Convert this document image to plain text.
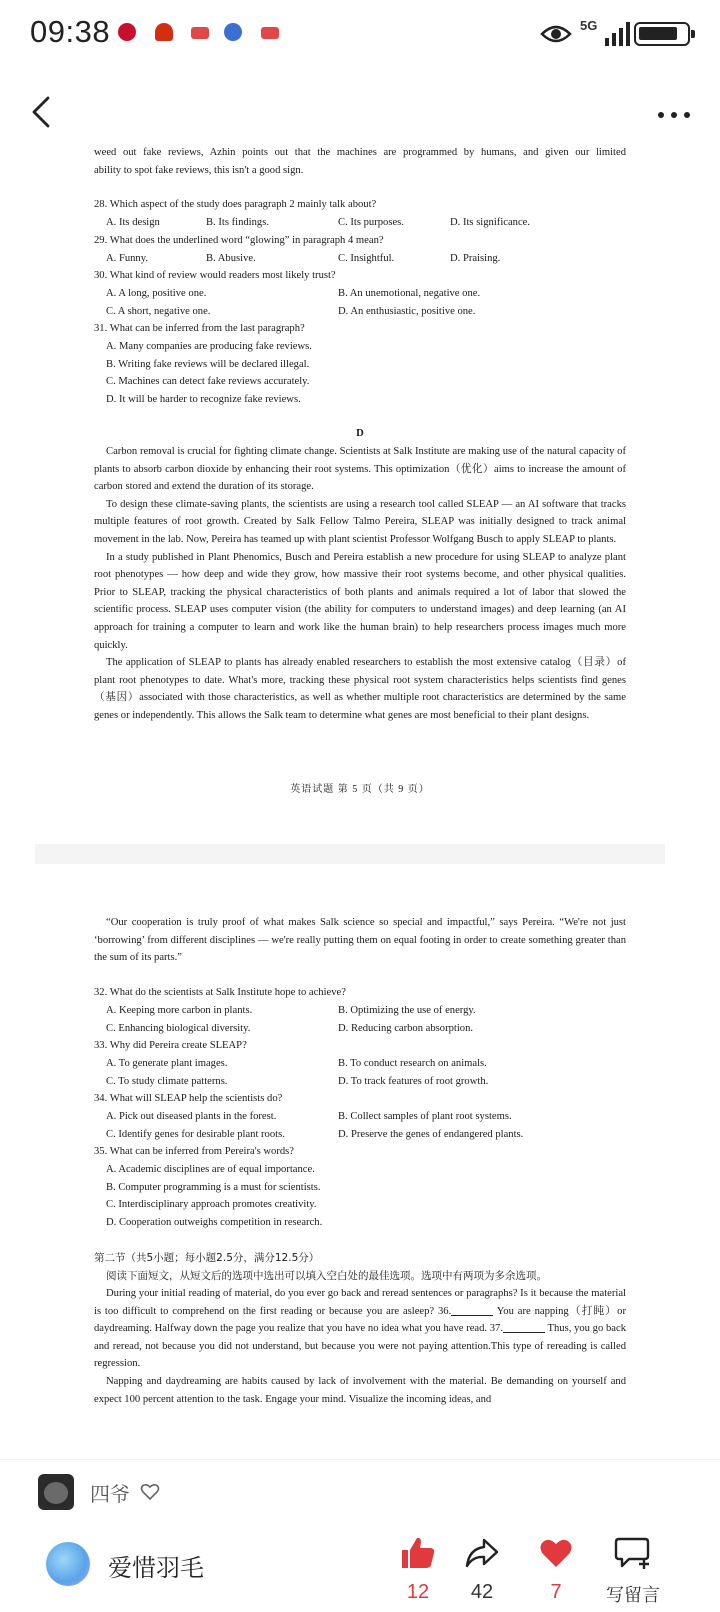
09:38	5G
weed out fake reviews, Azhin points out that the machines are programmed by humans, and given our limited
ability to spot fake reviews, this isn't a good sign.
28. Which aspect of the study does paragraph 2 mainly talk about?
A. Its design	B. Its findings.	C. Its purposes.	D. Its significance.
29. What does the underlined word “glowing” in paragraph 4 mean?
A. Funny.	B. Abusive.	C. Insightful.	D. Praising.
30. What kind of review would readers most likely trust?
A. A long, positive one.	B. An unemotional, negative one.
C. A short, negative one.	D. An enthusiastic, positive one.
31. What can be inferred from the last paragraph?
A. Many companies are producing fake reviews.
B. Writing fake reviews will be declared illegal.
C. Machines can detect fake reviews accurately.
D. It will be harder to recognize fake reviews.
D

Carbon removal is crucial for fighting climate change. Scientists at Salk Institute are making use of the natural capacity of plants to absorb carbon dioxide by enhancing their root systems. This optimization（优化）aims to increase the amount of carbon stored and extend the duration of its storage.

To design these climate-saving plants, the scientists are using a research tool called SLEAP — an AI software that tracks multiple features of root growth. Created by Salk Fellow Talmo Pereira, SLEAP was initially designed to track animal movement in the lab. Now, Pereira has teamed up with plant scientist Professor Wolfgang Busch to apply SLEAP to plants.

In a study published in Plant Phenomics, Busch and Pereira establish a new procedure for using SLEAP to analyze plant root phenotypes — how deep and wide they grow, how massive their root systems become, and other physical qualities. Prior to SLEAP, tracking the physical characteristics of both plants and animals required a lot of labor that slowed the scientific process. SLEAP uses computer vision (the ability for computers to understand images) and deep learning (an AI approach for training a computer to learn and work like the human brain) to help researchers process images much more quickly.

The application of SLEAP to plants has already enabled researchers to establish the most extensive catalog（目录）of plant root phenotypes to date. What's more, tracking these physical root system characteristics helps scientists find genes（基因）associated with those characteristics, as well as whether multiple root characteristics are determined by the same genes or independently. This allows the Salk team to determine what genes are most beneficial to their plant designs.

英语试题 第 5 页（共 9 页）

“Our cooperation is truly proof of what makes Salk science so special and impactful,” says Pereira. “We're not just ‘borrowing’ from different disciplines — we're really putting them on equal footing in order to create something greater than the sum of its parts.”

32. What do the scientists at Salk Institute hope to achieve?
A. Keeping more carbon in plants.	B. Optimizing the use of energy.
C. Enhancing biological diversity.	D. Reducing carbon absorption.
33. Why did Pereira create SLEAP?
A. To generate plant images.	B. To conduct research on animals.
C. To study climate patterns.	D. To track features of root growth.
34. What will SLEAP help the scientists do?
A. Pick out diseased plants in the forest.	B. Collect samples of plant root systems.
C. Identify genes for desirable plant roots.	D. Preserve the genes of endangered plants.
35. What can be inferred from Pereira's words?
A. Academic disciplines are of equal importance.
B. Computer programming is a must for scientists.
C. Interdisciplinary approach promotes creativity.
D. Cooperation outweighs competition in research.
第二节（共5小题；每小题2.5分，满分12.5分）
阅读下面短文，从短文后的选项中选出可以填入空白处的最佳选项。选项中有两项为多余选项。

During your initial reading of material, do you ever go back and reread sentences or paragraphs? Is it because the material is too difficult to comprehend on the first reading or because you are asleep? 36.	You are napping（打盹）or daydreaming. Halfway down the page you realize that you have no idea what you have read. 37.	Thus, you go back and reread, not because you did not understand, but because you were not paying attention.This type of rereading is called regression.

Napping and daydreaming are habits caused by lack of involvement with the material. Be demanding on yourself and expect 100 percent attention to the task. Engage your mind. Visualize the incoming ideas, and

四爷
爱惜羽毛
12	42	7	写留言
